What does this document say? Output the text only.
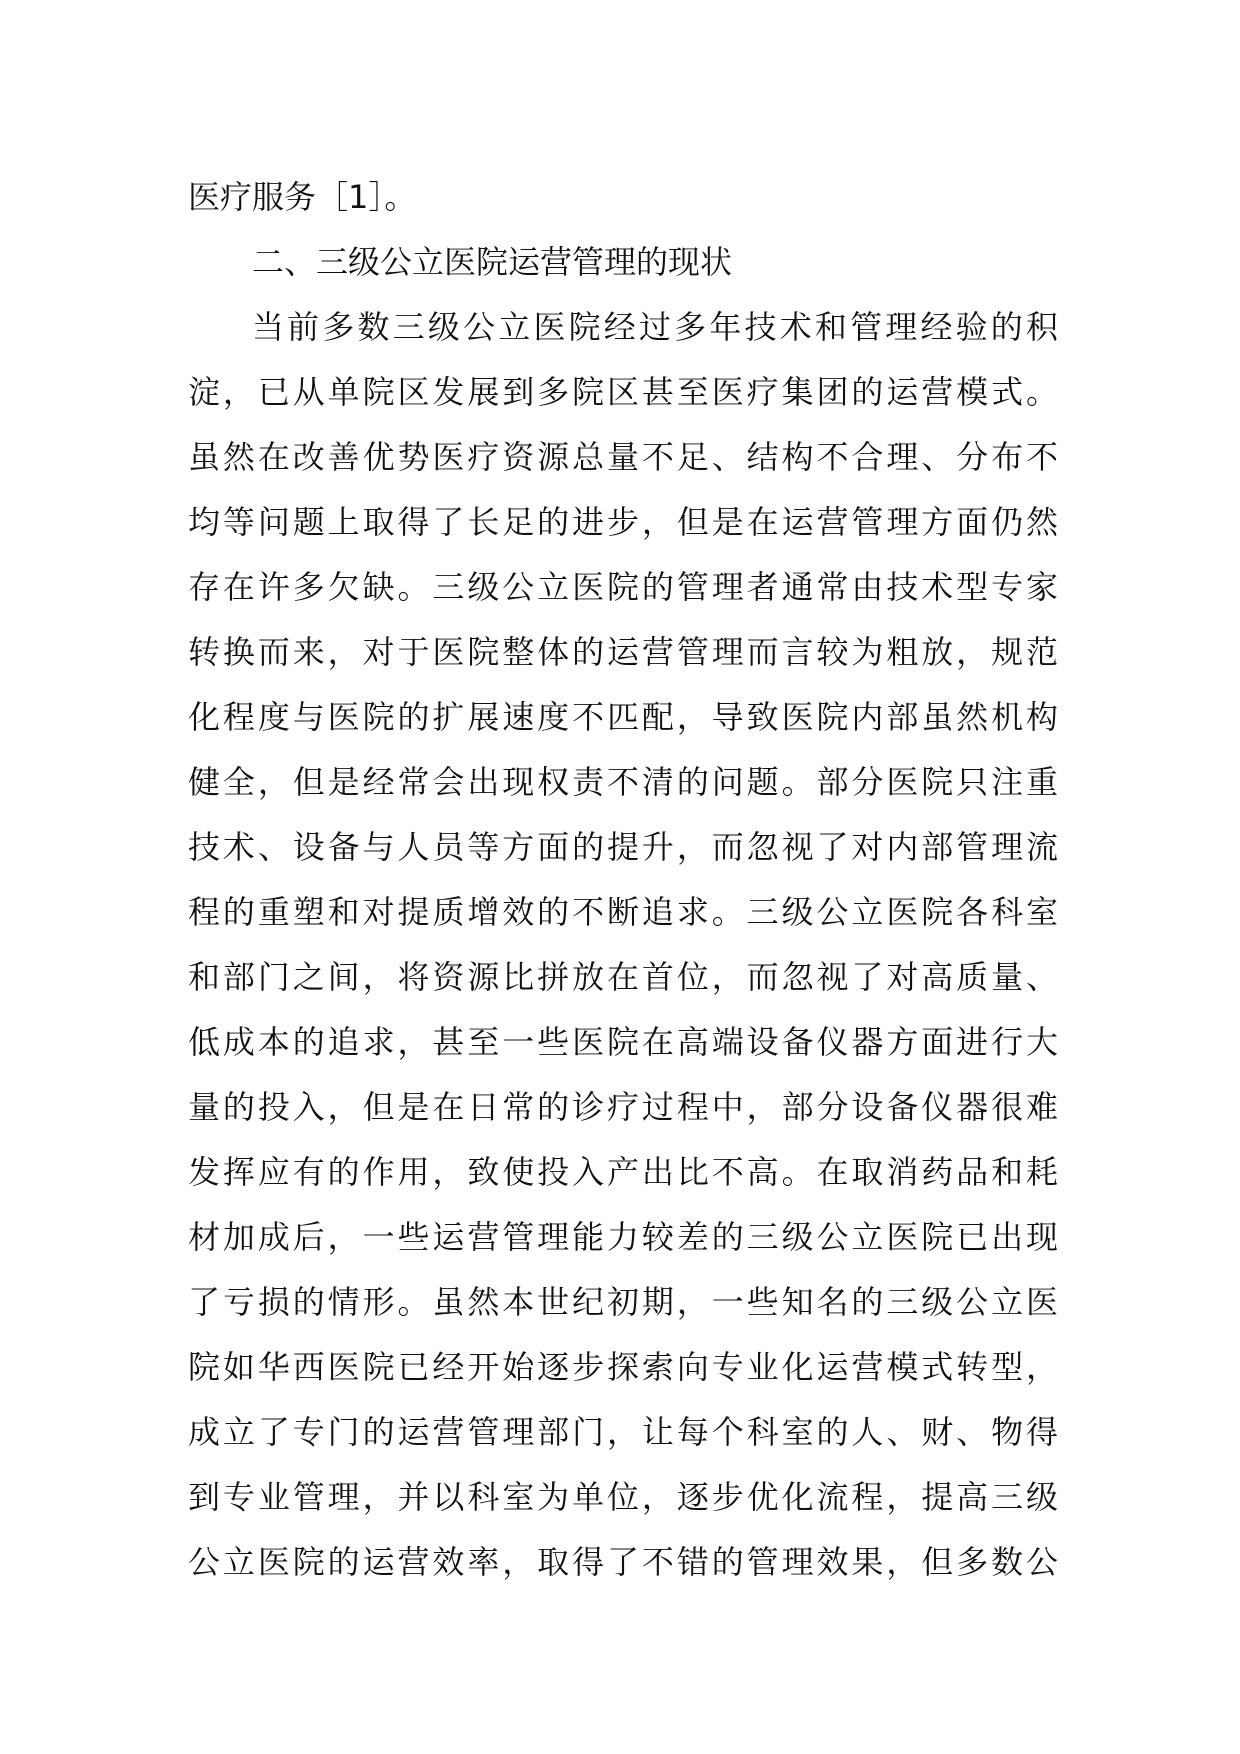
医疗服务［1］。
二、三级公立医院运营管理的现状
当前多数三级公立医院经过多年技术和管理经验的积
淀，已从单院区发展到多院区甚至医疗集团的运营模式。
虽然在改善优势医疗资源总量不足、结构不合理、分布不
均等问题上取得了长足的进步，但是在运营管理方面仍然
存在许多欠缺。三级公立医院的管理者通常由技术型专家
转换而来，对于医院整体的运营管理而言较为粗放，规范
化程度与医院的扩展速度不匹配，导致医院内部虽然机构
健全，但是经常会出现权责不清的问题。部分医院只注重
技术、设备与人员等方面的提升，而忽视了对内部管理流
程的重塑和对提质增效的不断追求。三级公立医院各科室
和部门之间，将资源比拼放在首位，而忽视了对高质量、
低成本的追求，甚至一些医院在高端设备仪器方面进行大
量的投入，但是在日常的诊疗过程中，部分设备仪器很难
发挥应有的作用，致使投入产出比不高。在取消药品和耗
材加成后，一些运营管理能力较差的三级公立医院已出现
了亏损的情形。虽然本世纪初期，一些知名的三级公立医
院如华西医院已经开始逐步探索向专业化运营模式转型，
成立了专门的运营管理部门，让每个科室的人、财、物得
到专业管理，并以科室为单位，逐步优化流程，提高三级
公立医院的运营效率，取得了不错的管理效果，但多数公
